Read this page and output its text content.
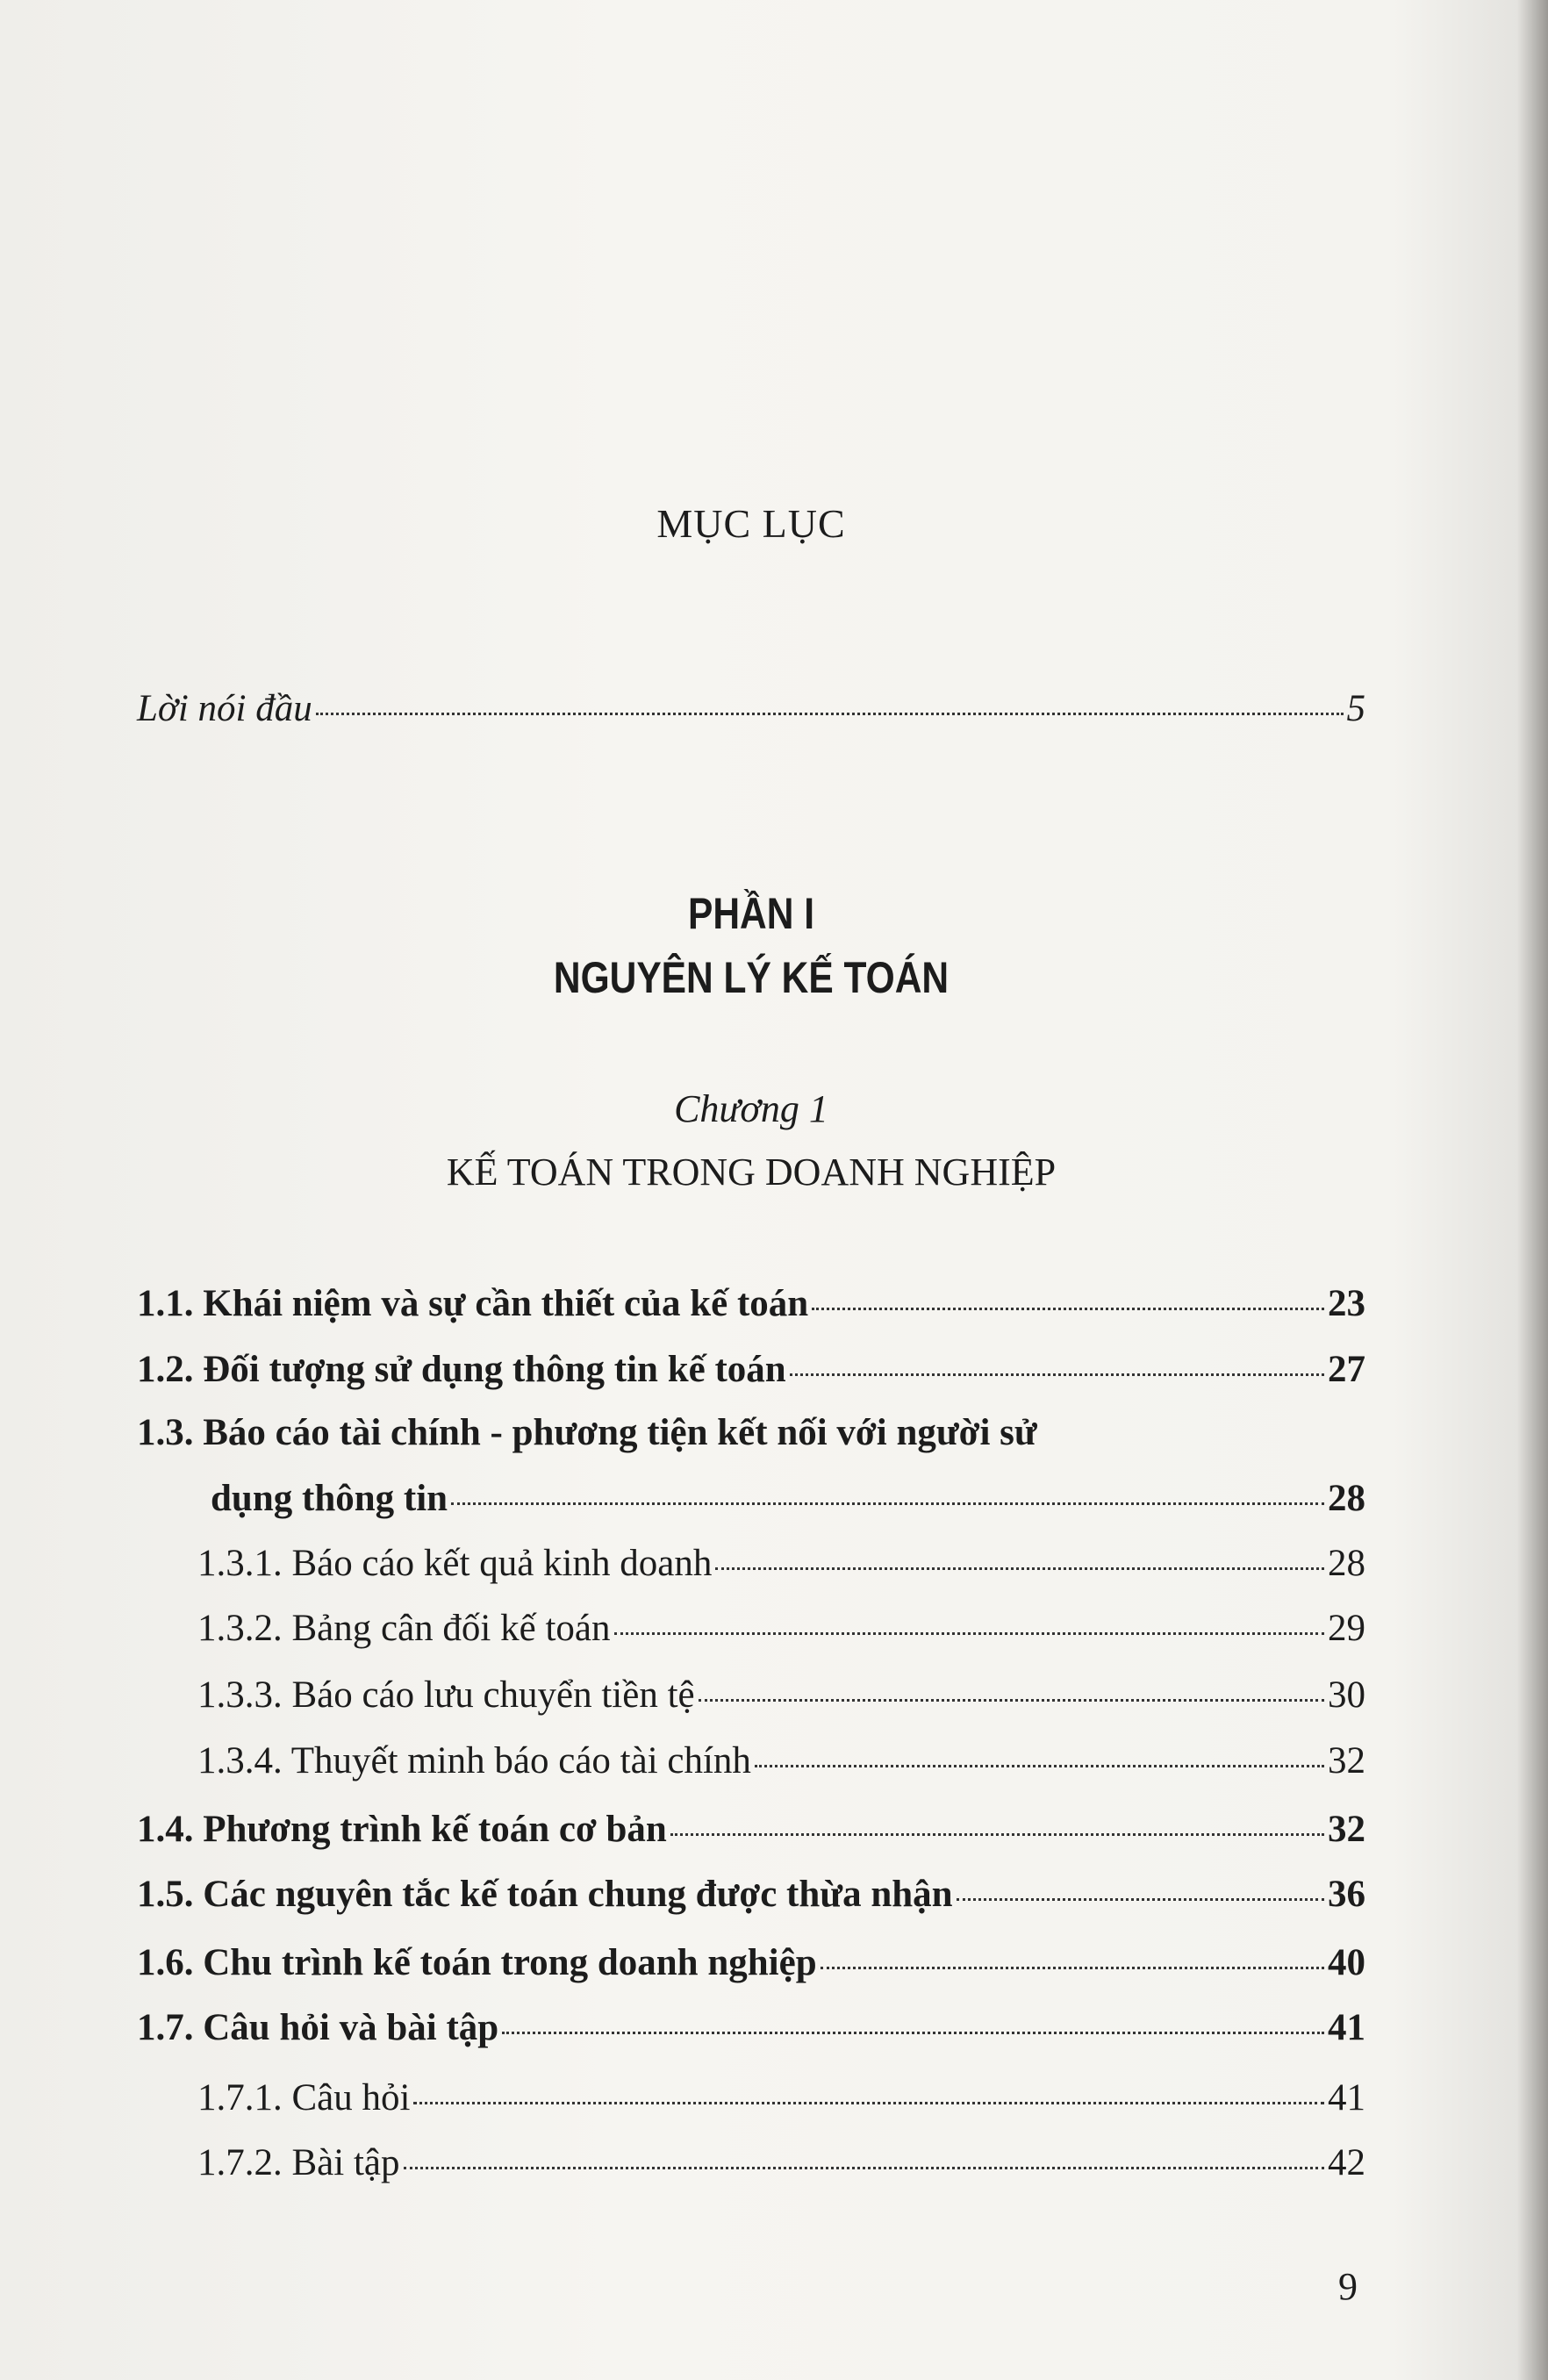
MỤC LỤC
Lời nói đầu	5
PHẦN I
NGUYÊN LÝ KẾ TOÁN
Chương 1
KẾ TOÁN TRONG DOANH NGHIỆP
1.1. Khái niệm và sự cần thiết của kế toán	23
1.2. Đối tượng sử dụng thông tin kế toán	27
1.3. Báo cáo tài chính - phương tiện kết nối với người sử
dụng thông tin	28
1.3.1. Báo cáo kết quả kinh doanh	28
1.3.2. Bảng cân đối kế toán	29
1.3.3. Báo cáo lưu chuyển tiền tệ	30
1.3.4. Thuyết minh báo cáo tài chính	32
1.4. Phương trình kế toán cơ bản	32
1.5. Các nguyên tắc kế toán chung được thừa nhận	36
1.6. Chu trình kế toán trong doanh nghiệp	40
1.7. Câu hỏi và bài tập	41
1.7.1. Câu hỏi	41
1.7.2. Bài tập	42
9
